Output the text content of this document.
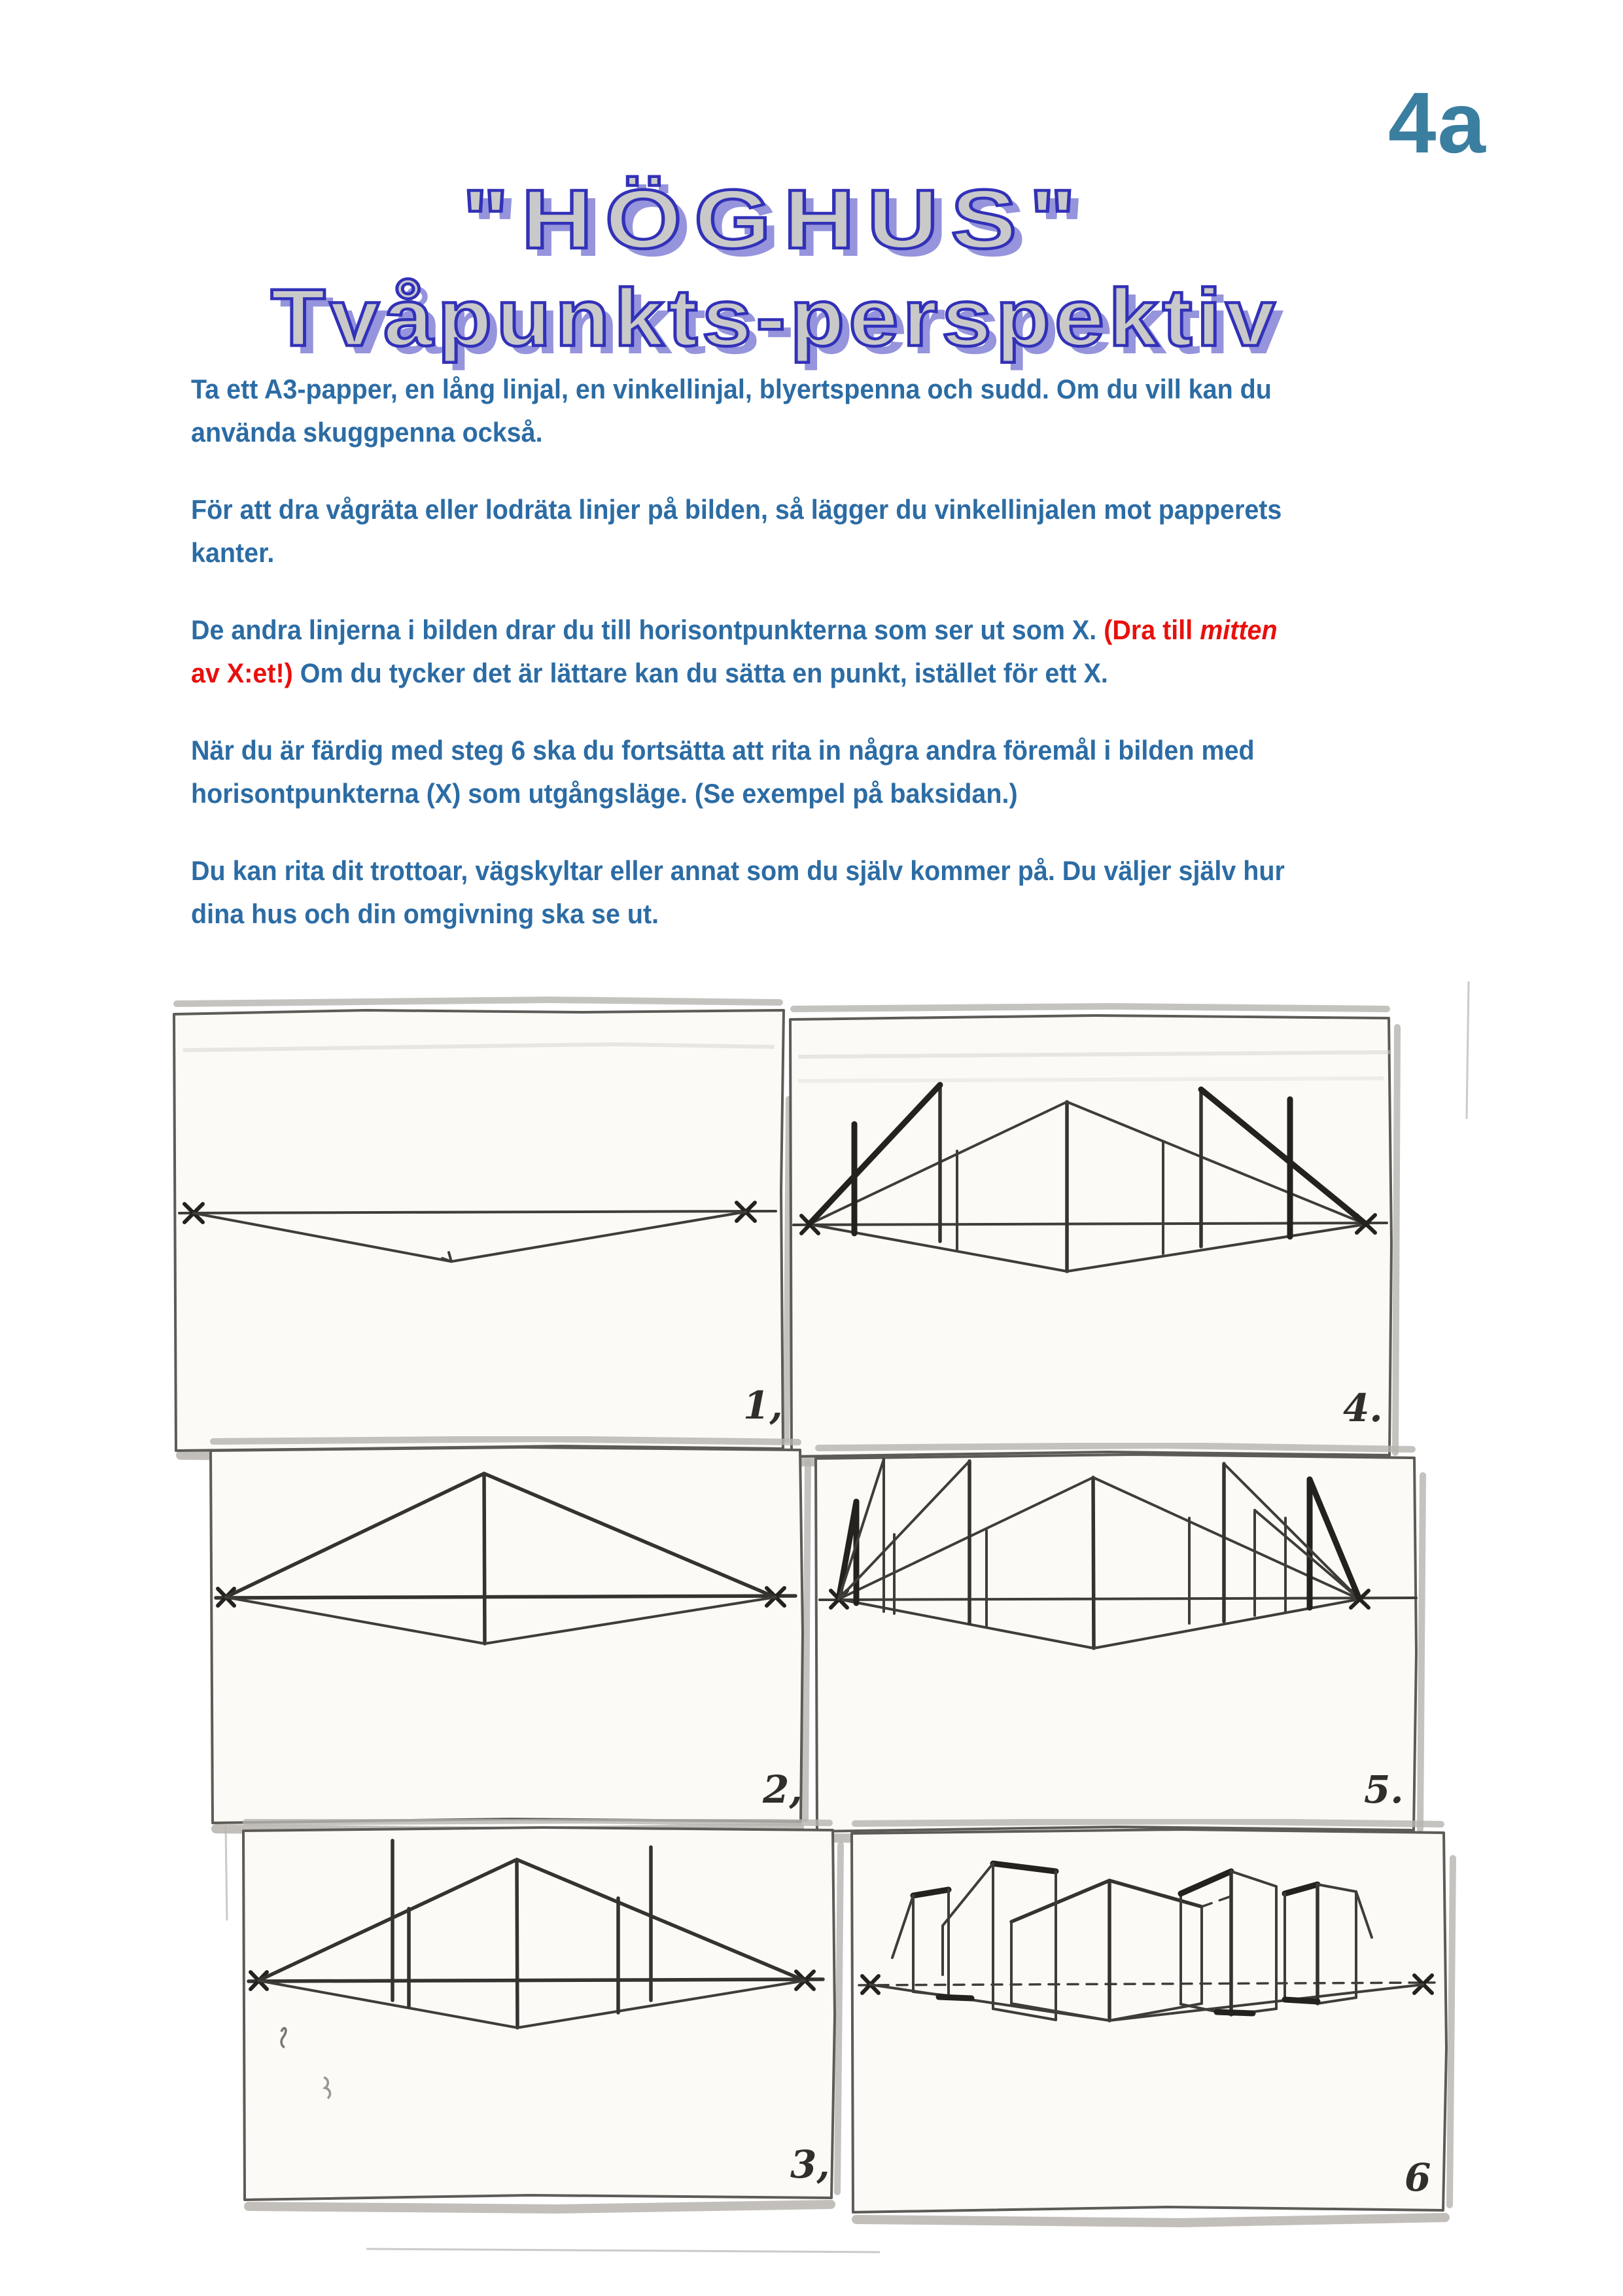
4a
"HÖGHUS"
Tvåpunkts-perspektiv

Ta ett A3-papper, en lång linjal, en vinkellinjal, blyertspenna och sudd. Om du vill kan du
använda skuggpenna också.

För att dra vågräta eller lodräta linjer på bilden, så lägger du vinkellinjalen mot papperets
kanter.

De andra linjerna i bilden drar du till horisontpunkterna som ser ut som X. (Dra till mitten
av X:et!) Om du tycker det är lättare kan du sätta en punkt, istället för ett X.

När du är färdig med steg 6 ska du fortsätta att rita in några andra föremål i bilden med
horisontpunkterna (X) som utgångsläge. (Se exempel på baksidan.)

Du kan rita dit trottoar, vägskyltar eller annat som du själv kommer på. Du väljer själv hur
dina hus och din omgivning ska se ut.

1,	4.
2,	5.
3,	6
